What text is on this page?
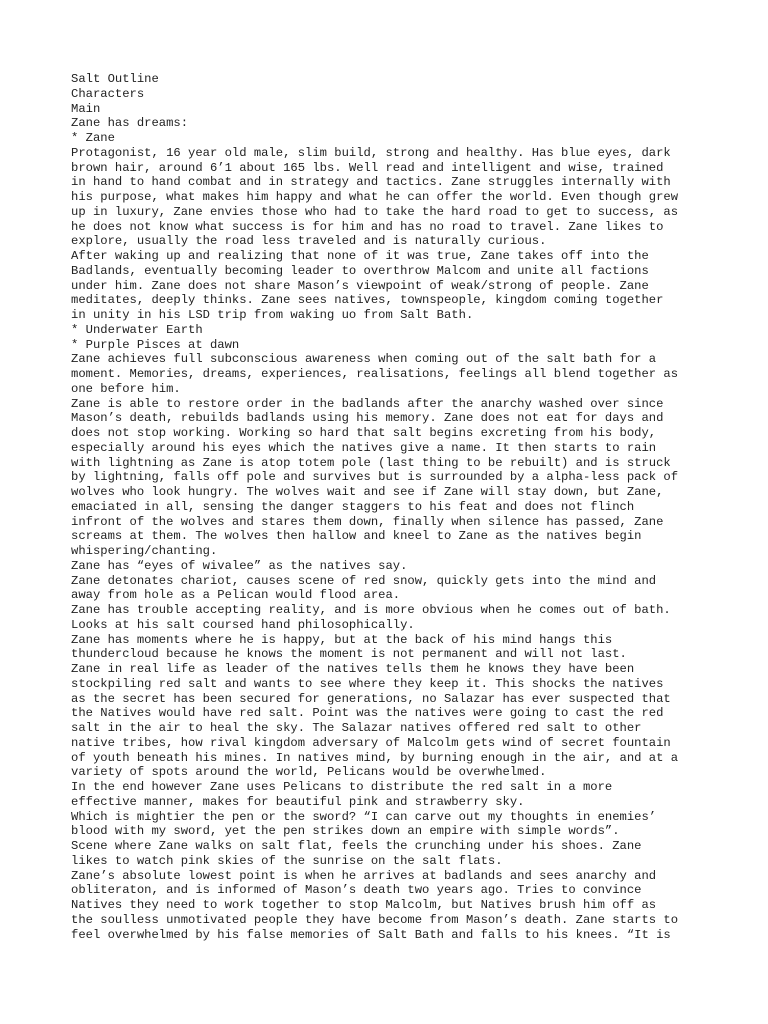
Salt Outline
Characters
Main
Zane has dreams:
* Zane
Protagonist, 16 year old male, slim build, strong and healthy. Has blue eyes, dark
brown hair, around 6’1 about 165 lbs. Well read and intelligent and wise, trained
in hand to hand combat and in strategy and tactics. Zane struggles internally with
his purpose, what makes him happy and what he can offer the world. Even though grew
up in luxury, Zane envies those who had to take the hard road to get to success, as
he does not know what success is for him and has no road to travel. Zane likes to
explore, usually the road less traveled and is naturally curious.
After waking up and realizing that none of it was true, Zane takes off into the
Badlands, eventually becoming leader to overthrow Malcom and unite all factions
under him. Zane does not share Mason’s viewpoint of weak/strong of people. Zane
meditates, deeply thinks. Zane sees natives, townspeople, kingdom coming together
in unity in his LSD trip from waking uo from Salt Bath.
* Underwater Earth
* Purple Pisces at dawn
Zane achieves full subconscious awareness when coming out of the salt bath for a
moment. Memories, dreams, experiences, realisations, feelings all blend together as
one before him.
Zane is able to restore order in the badlands after the anarchy washed over since
Mason’s death, rebuilds badlands using his memory. Zane does not eat for days and
does not stop working. Working so hard that salt begins excreting from his body,
especially around his eyes which the natives give a name. It then starts to rain
with lightning as Zane is atop totem pole (last thing to be rebuilt) and is struck
by lightning, falls off pole and survives but is surrounded by a alpha-less pack of
wolves who look hungry. The wolves wait and see if Zane will stay down, but Zane,
emaciated in all, sensing the danger staggers to his feat and does not flinch
infront of the wolves and stares them down, finally when silence has passed, Zane
screams at them. The wolves then hallow and kneel to Zane as the natives begin
whispering/chanting.
Zane has “eyes of wivalee” as the natives say.
Zane detonates chariot, causes scene of red snow, quickly gets into the mind and
away from hole as a Pelican would flood area.
Zane has trouble accepting reality, and is more obvious when he comes out of bath.
Looks at his salt coursed hand philosophically.
Zane has moments where he is happy, but at the back of his mind hangs this
thundercloud because he knows the moment is not permanent and will not last.
Zane in real life as leader of the natives tells them he knows they have been
stockpiling red salt and wants to see where they keep it. This shocks the natives
as the secret has been secured for generations, no Salazar has ever suspected that
the Natives would have red salt. Point was the natives were going to cast the red
salt in the air to heal the sky. The Salazar natives offered red salt to other
native tribes, how rival kingdom adversary of Malcolm gets wind of secret fountain
of youth beneath his mines. In natives mind, by burning enough in the air, and at a
variety of spots around the world, Pelicans would be overwhelmed.
In the end however Zane uses Pelicans to distribute the red salt in a more
effective manner, makes for beautiful pink and strawberry sky.
Which is mightier the pen or the sword? “I can carve out my thoughts in enemies’
blood with my sword, yet the pen strikes down an empire with simple words”.
Scene where Zane walks on salt flat, feels the crunching under his shoes. Zane
likes to watch pink skies of the sunrise on the salt flats.
Zane’s absolute lowest point is when he arrives at badlands and sees anarchy and
obliteraton, and is informed of Mason’s death two years ago. Tries to convince
Natives they need to work together to stop Malcolm, but Natives brush him off as
the soulless unmotivated people they have become from Mason’s death. Zane starts to
feel overwhelmed by his false memories of Salt Bath and falls to his knees. “It is
